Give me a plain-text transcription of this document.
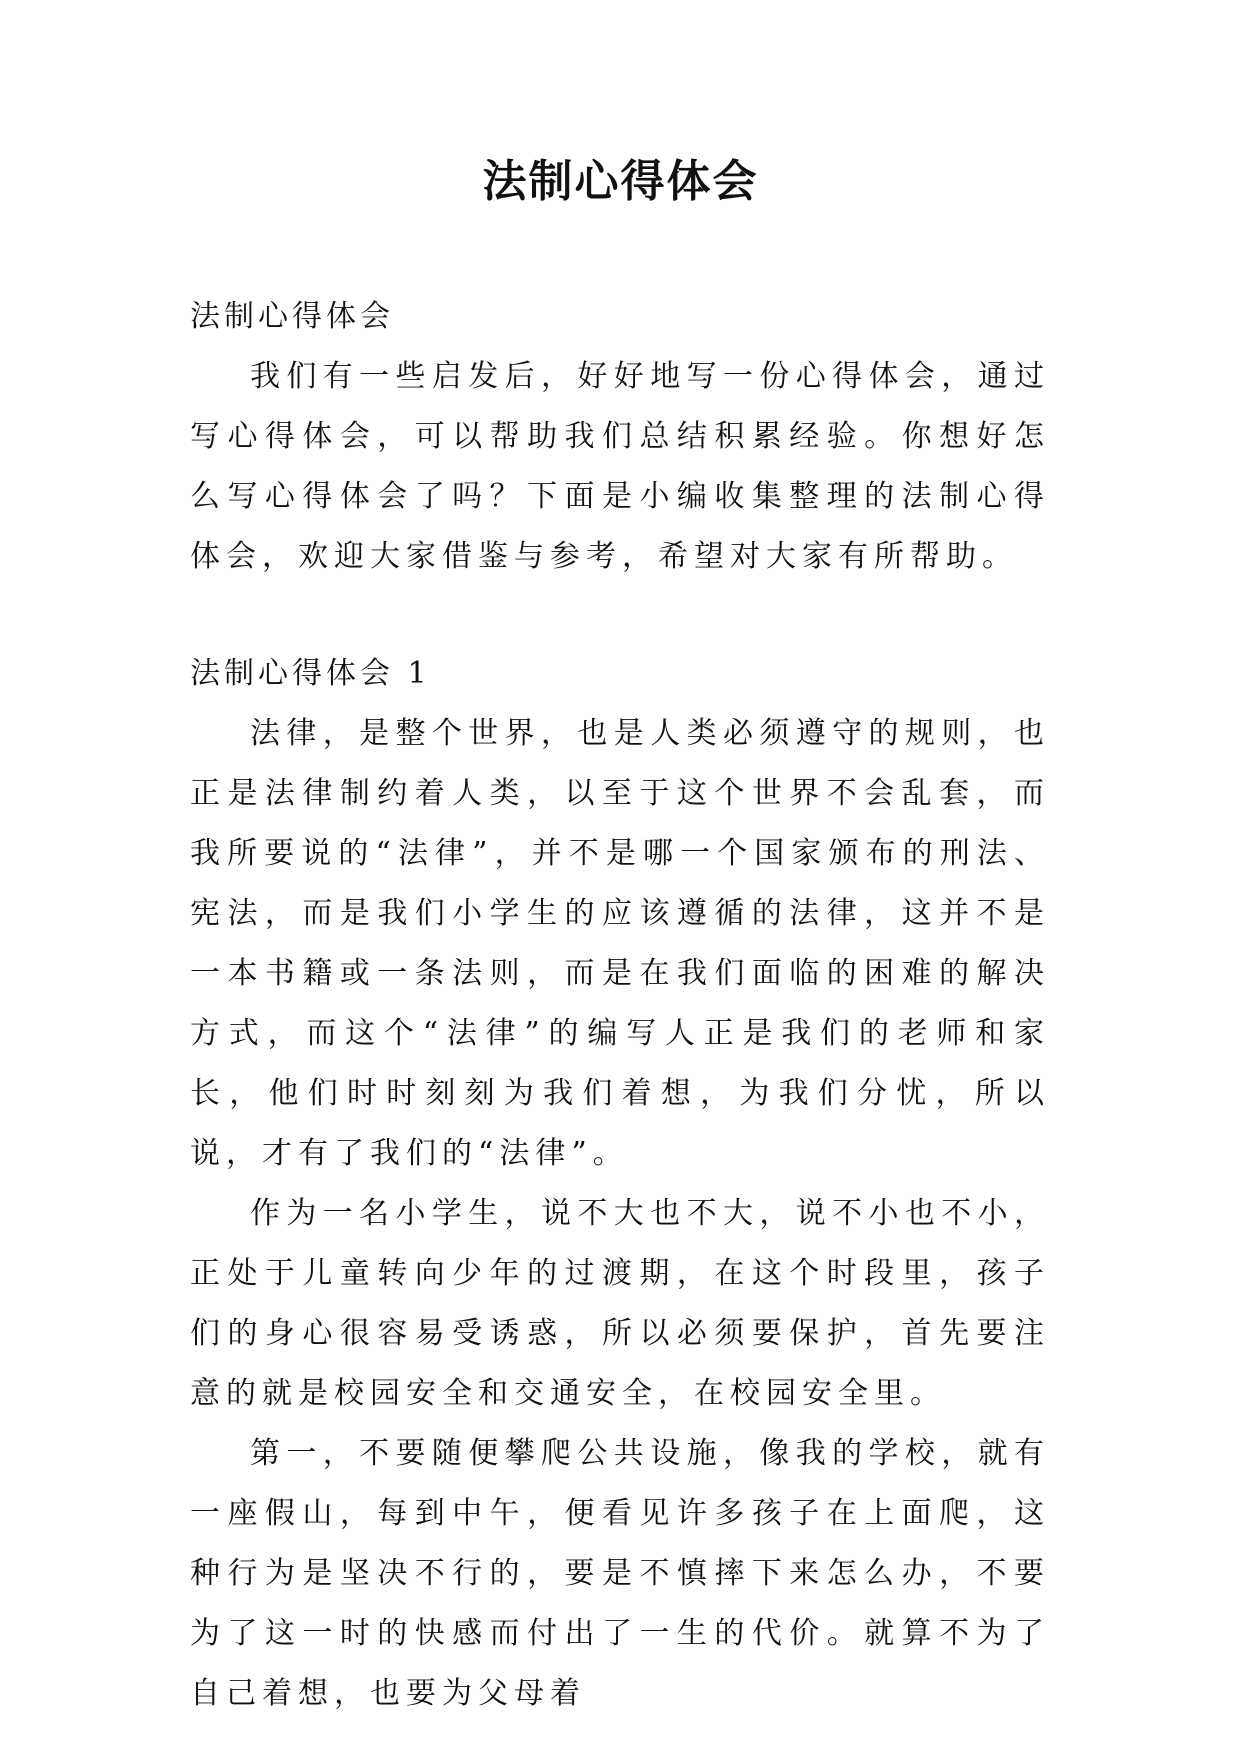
法制心得体会

法制心得体会

我们有一些启发后，好好地写一份心得体会，通过写心得体会，可以帮助我们总结积累经验。你想好怎么写心得体会了吗？下面是小编收集整理的法制心得体会，欢迎大家借鉴与参考，希望对大家有所帮助。

法制心得体会 1

法律，是整个世界，也是人类必须遵守的规则，也正是法律制约着人类，以至于这个世界不会乱套，而我所要说的“法律”，并不是哪一个国家颁布的刑法、宪法，而是我们小学生的应该遵循的法律，这并不是一本书籍或一条法则，而是在我们面临的困难的解决方式，而这个“法律”的编写人正是我们的老师和家长，他们时时刻刻为我们着想，为我们分忧，所以说，才有了我们的“法律”。

作为一名小学生，说不大也不大，说不小也不小，正处于儿童转向少年的过渡期，在这个时段里，孩子们的身心很容易受诱惑，所以必须要保护，首先要注意的就是校园安全和交通安全，在校园安全里。

第一，不要随便攀爬公共设施，像我的学校，就有一座假山，每到中午，便看见许多孩子在上面爬，这种行为是坚决不行的，要是不慎摔下来怎么办，不要为了这一时的快感而付出了一生的代价。就算不为了自己着想，也要为父母着
